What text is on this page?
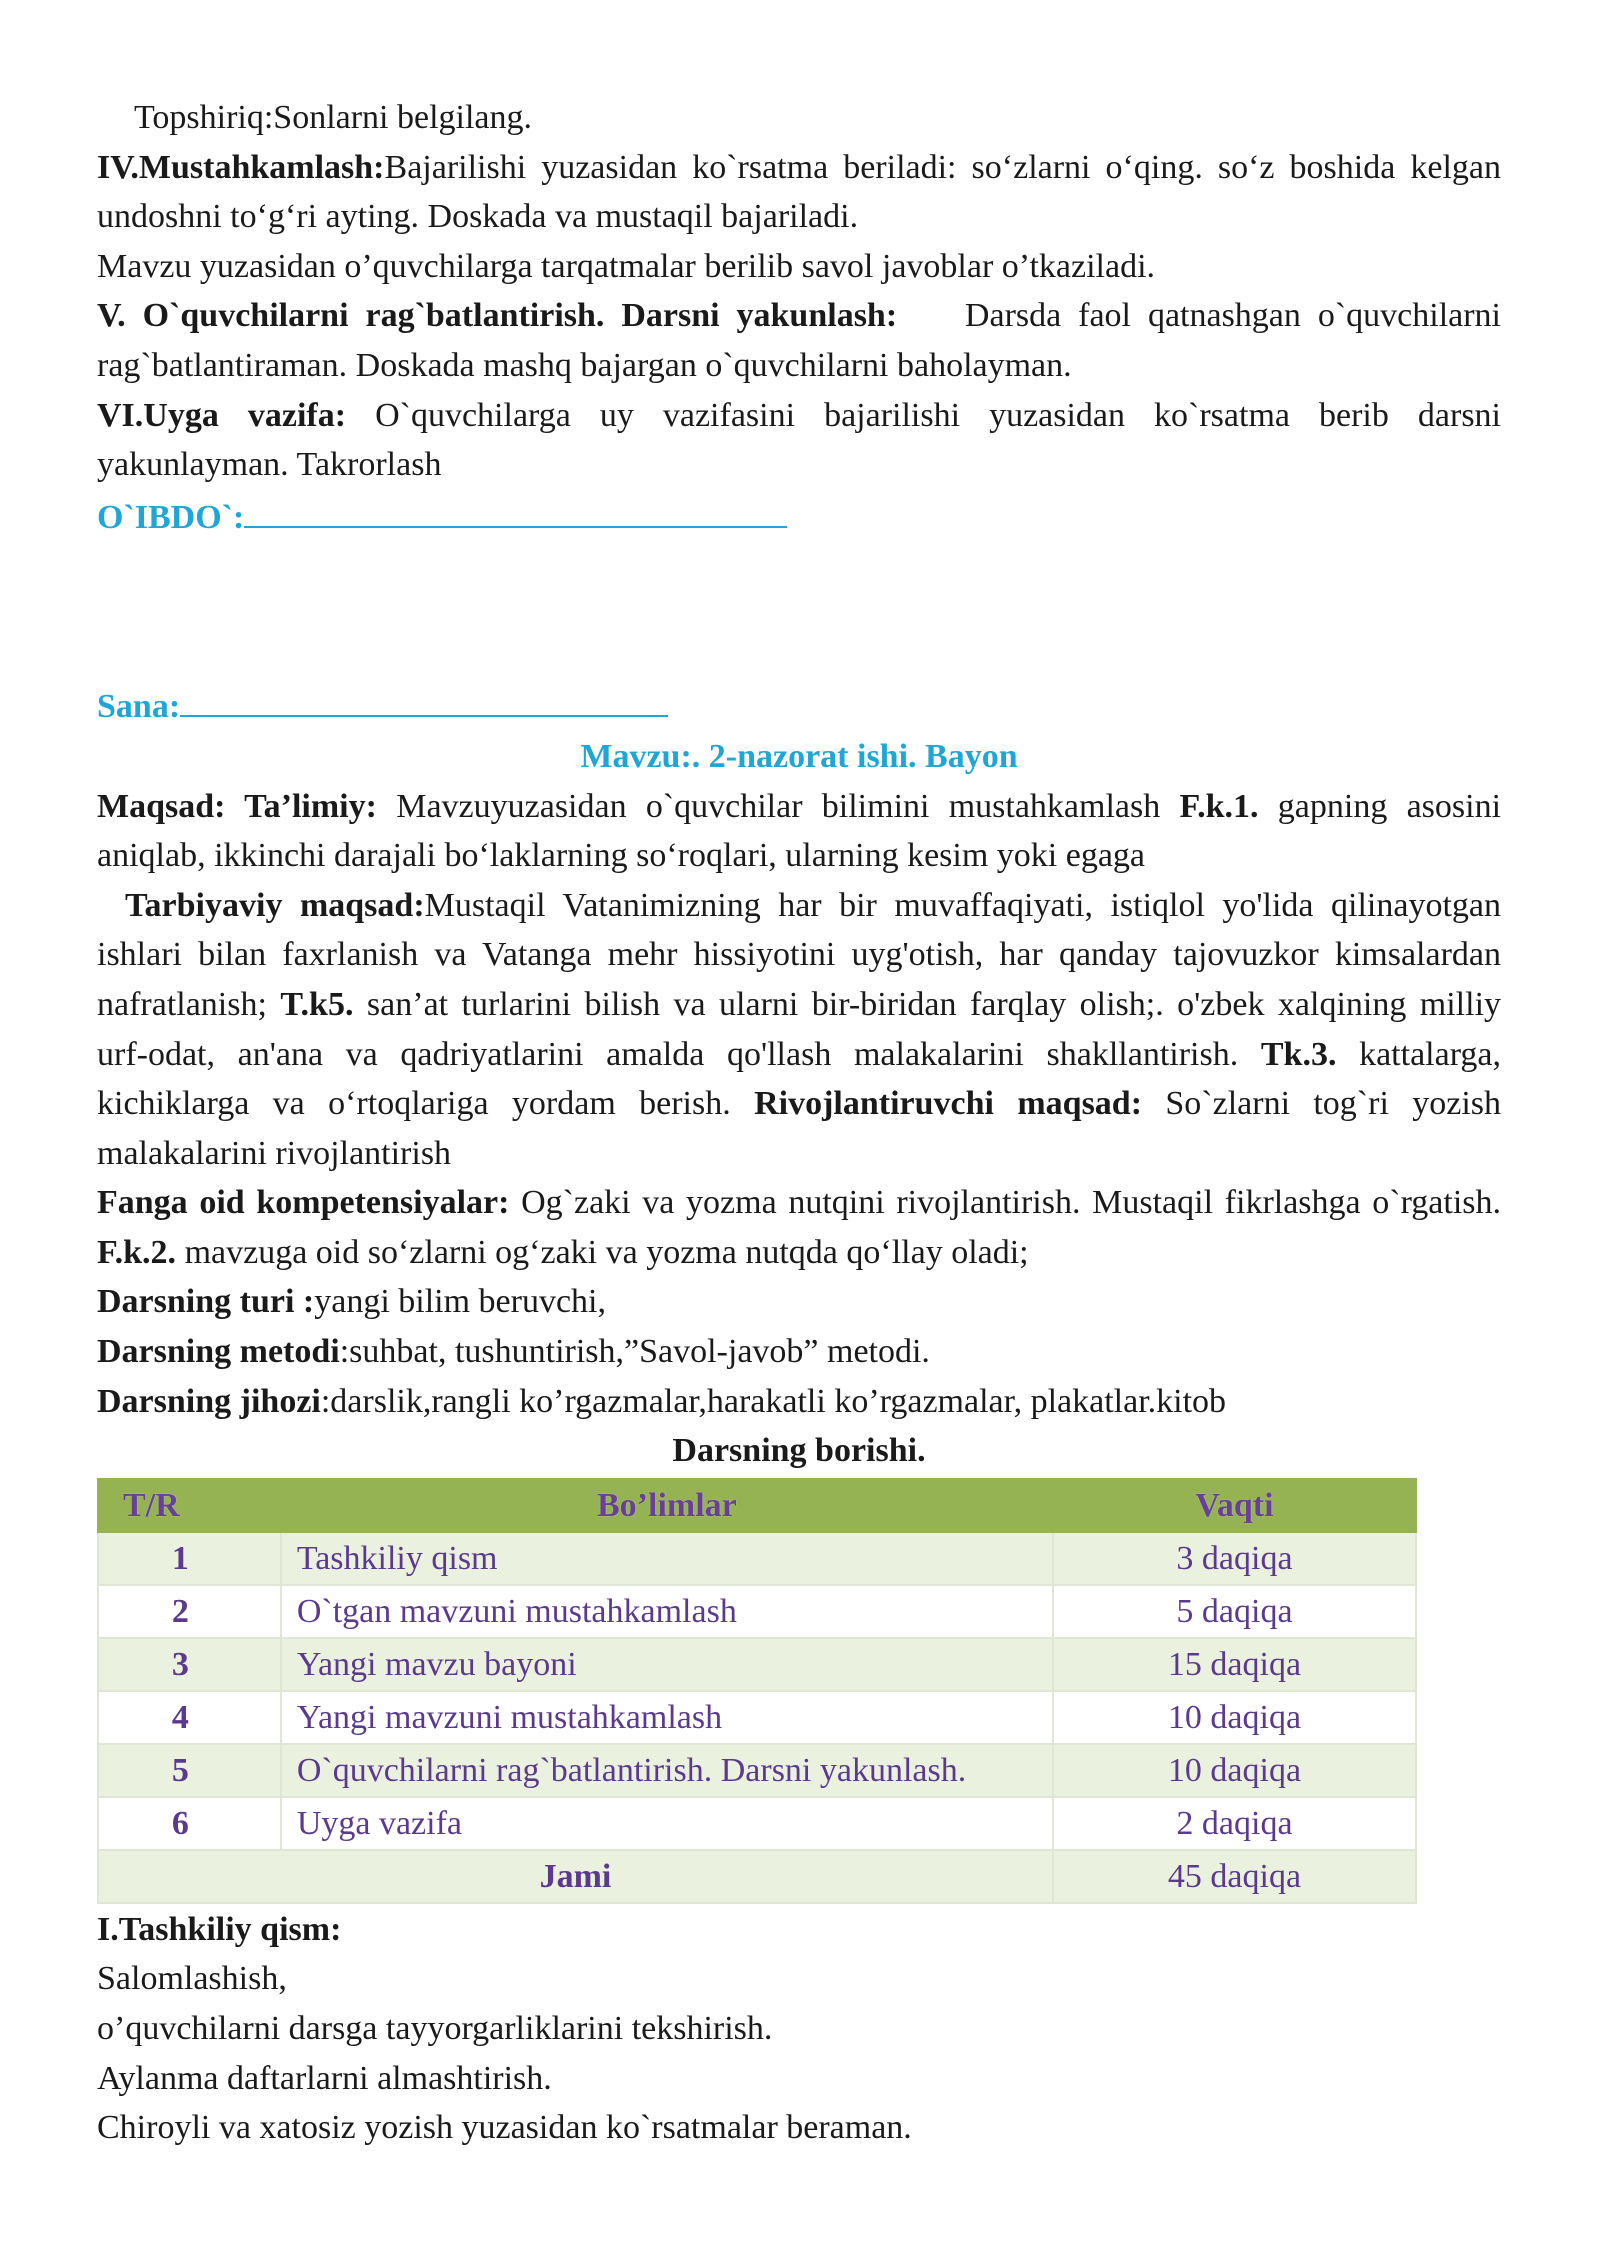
Topshiriq:Sonlarni belgilang.

IV.Mustahkamlash:Bajarilishi yuzasidan ko`rsatma beriladi: so‘zlarni o‘qing. so‘z boshida kelgan undoshni to‘g‘ri ayting. Doskada va mustaqil bajariladi.

Mavzu yuzasidan o’quvchilarga tarqatmalar berilib savol javoblar o’tkaziladi.

V. O`quvchilarni rag`batlantirish. Darsni yakunlash: Darsda faol qatnashgan o`quvchilarni rag`batlantiraman. Doskada mashq bajargan o`quvchilarni baholayman.

VI.Uyga vazifa: O`quvchilarga uy vazifasini bajarilishi yuzasidan ko`rsatma berib darsni yakunlayman. Takrorlash

O`IBDO`:

Sana:

Mavzu:. 2-nazorat ishi. Bayon

Maqsad: Ta’limiy: Mavzuyuzasidan o`quvchilar bilimini mustahkamlash F.k.1. gapning asosini aniqlab, ikkinchi darajali bo‘laklarning so‘roqlari, ularning kesim yoki egaga

Tarbiyaviy maqsad:Mustaqil Vatanimizning har bir muvaffaqiyati, istiqlol yo'lida qilinayotgan ishlari bilan faxrlanish va Vatanga mehr hissiyotini uyg'otish, har qanday tajovuzkor kimsalardan nafratlanish; T.k5. san’at turlarini bilish va ularni bir-biridan farqlay olish;. o'zbek xalqining milliy urf-odat, an'ana va qadriyatlarini amalda qo'llash malakalarini shakllantirish. Tk.3. kattalarga, kichiklarga va o‘rtoqlariga yordam berish. Rivojlantiruvchi maqsad: So`zlarni tog`ri yozish malakalarini rivojlantirish

Fanga oid kompetensiyalar: Og`zaki va yozma nutqini rivojlantirish. Mustaqil fikrlashga o`rgatish. F.k.2. mavzuga oid so‘zlarni og‘zaki va yozma nutqda qo‘llay oladi;

Darsning turi :yangi bilim beruvchi,

Darsning metodi:suhbat, tushuntirish,”Savol-javob” metodi.

Darsning jihozi:darslik,rangli ko’rgazmalar,harakatli ko’rgazmalar, plakatlar.kitob

Darsning borishi.

T/R	Bo’limlar	Vaqti
1	Tashkiliy qism	3 daqiqa
2	O`tgan mavzuni mustahkamlash	5 daqiqa
3	Yangi mavzu bayoni	15 daqiqa
4	Yangi mavzuni mustahkamlash	10 daqiqa
5	O`quvchilarni rag`batlantirish. Darsni yakunlash.	10 daqiqa
6	Uyga vazifa	2 daqiqa
Jami		45 daqiqa

I.Tashkiliy qism:

Salomlashish,

o’quvchilarni darsga tayyorgarliklarini tekshirish.

Aylanma daftarlarni almashtirish.

Chiroyli va xatosiz yozish yuzasidan ko`rsatmalar beraman.
